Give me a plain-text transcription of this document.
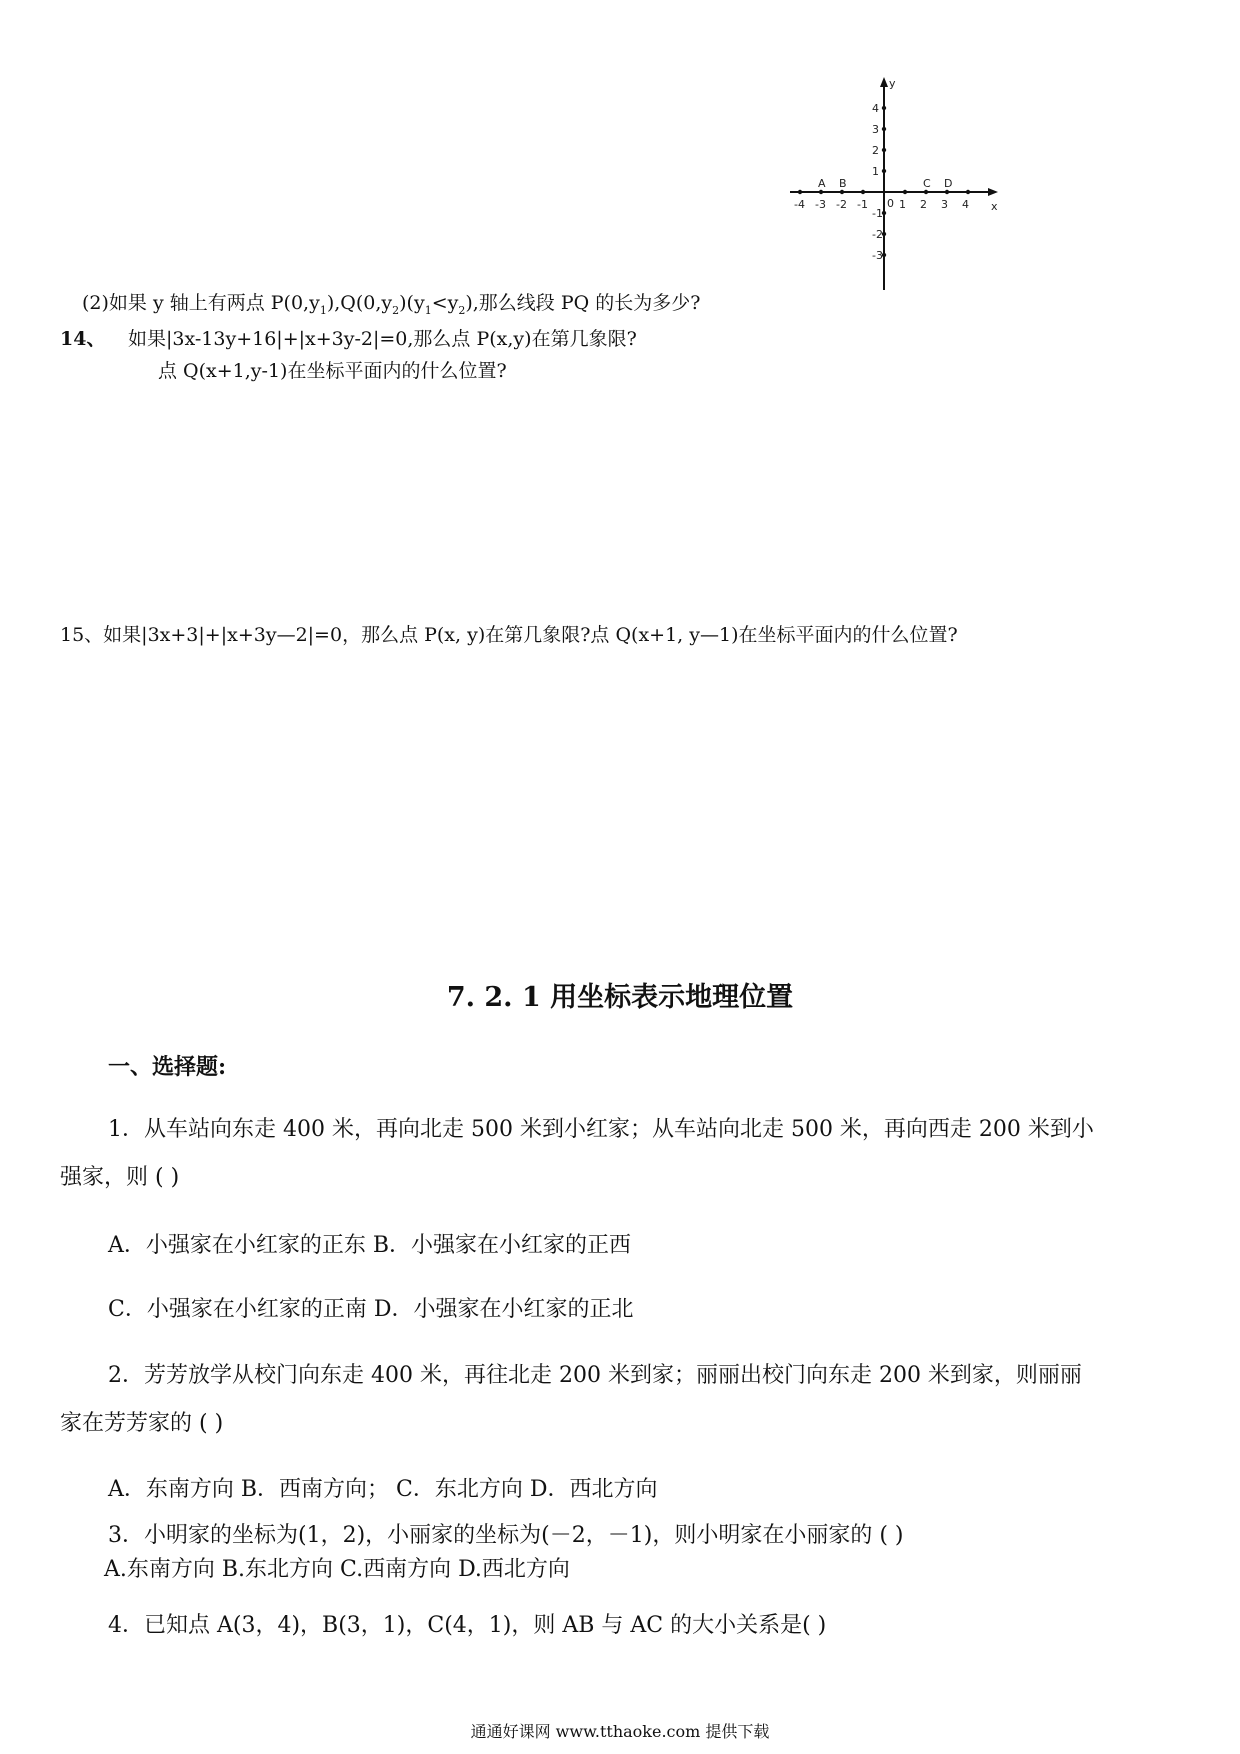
x
y
0
-4 -3 -2 -1	1 2 3 4
4
3
2
1
-1
-2
-3
A B	C D
(2)如果 y 轴上有两点 $P(0,y_1),Q(0,y_2)(y_1<y_2)$,那么线段 PQ 的长为多少?
14、 如果|3x-13y+16|+|x+3y-2|=0,那么点 P(x,y)在第几象限?
点 Q(x+1,y-1)在坐标平面内的什么位置?
15、如果|3x+3|+|x+3y—2|=0，那么点 P(x, y)在第几象限?点 Q(x+1, y—1)在坐标平面内的什么位置?
7. 2. 1 用坐标表示地理位置
一、选择题:
1．从车站向东走 400 米，再向北走 500 米到小红家；从车站向北走 500 米，再向西走 200 米到小
强家，则 ( )
A．小强家在小红家的正东 B．小强家在小红家的正西
C．小强家在小红家的正南 D．小强家在小红家的正北
2．芳芳放学从校门向东走 400 米，再往北走 200 米到家；丽丽出校门向东走 200 米到家，则丽丽
家在芳芳家的 ( )
A．东南方向 B．西南方向； C．东北方向 D．西北方向
3．小明家的坐标为(1，2)，小丽家的坐标为(－2，－1)，则小明家在小丽家的 ( )
A.东南方向 B.东北方向 C.西南方向 D.西北方向
4．已知点 A(3，4)，B(3，1)，C(4，1)，则 AB 与 AC 的大小关系是( )
通通好课网 www.tthaoke.com 提供下载
